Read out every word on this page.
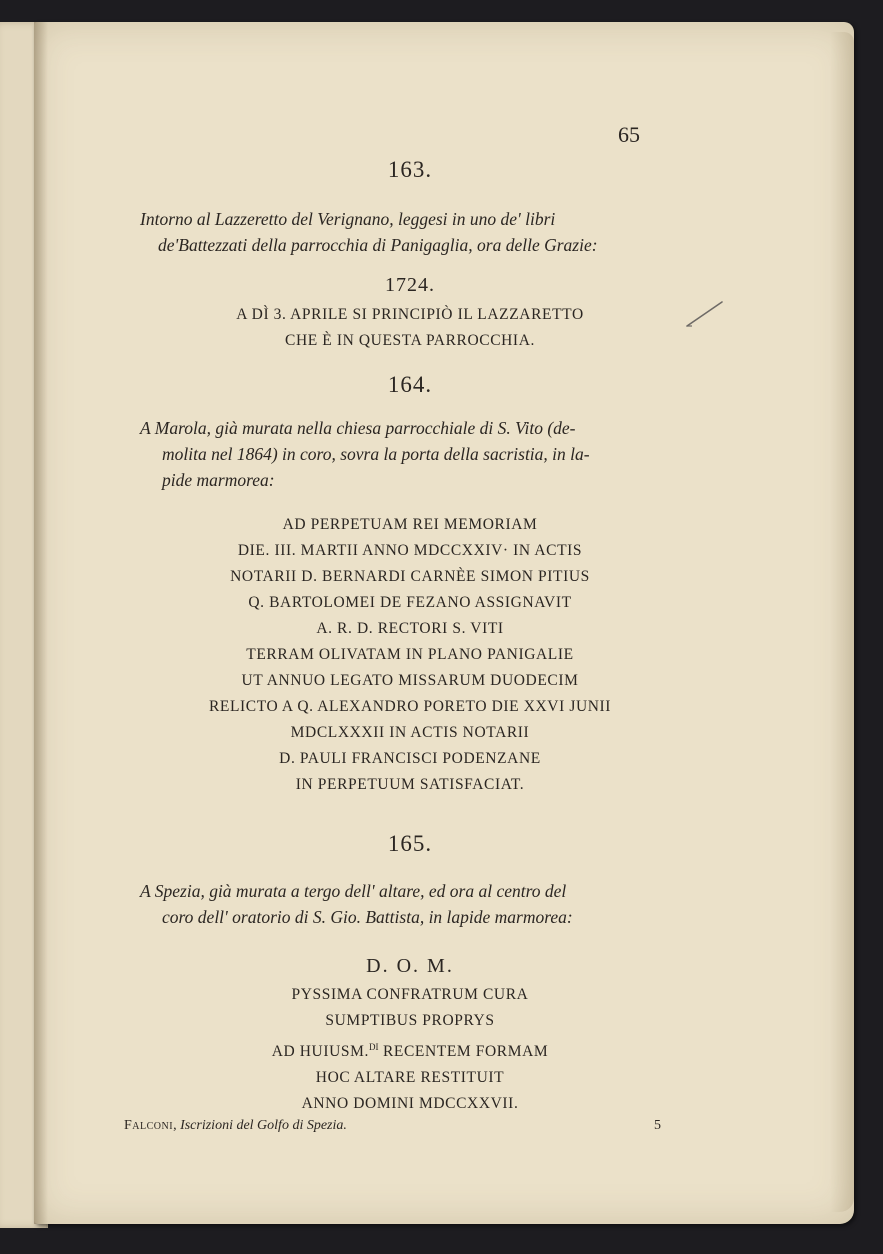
65
163.
Intorno al Lazzeretto del Verignano, leggesi in uno de' libri
de'Battezzati della parrocchia di Panigaglia, ora delle Grazie:
1724.
A DÌ 3. APRILE SI PRINCIPIÒ IL LAZZARETTO
CHE È IN QUESTA PARROCCHIA.
164.
A Marola, già murata nella chiesa parrocchiale di S. Vito (de-
molita nel 1864) in coro, sovra la porta della sacristia, in la-
pide marmorea:
AD PERPETUAM REI MEMORIAM
DIE. III. MARTII ANNO MDCCXXIV· IN ACTIS
NOTARII D. BERNARDI CARNÈE SIMON PITIUS
Q. BARTOLOMEI DE FEZANO ASSIGNAVIT
A. R. D. RECTORI S. VITI
TERRAM OLIVATAM IN PLANO PANIGALIE
UT ANNUO LEGATO MISSARUM DUODECIM
RELICTO A Q. ALEXANDRO PORETO DIE XXVI JUNII
MDCLXXXII IN ACTIS NOTARII
D. PAULI FRANCISCI PODENZANE
IN PERPETUUM SATISFACIAT.
165.
A Spezia, già murata a tergo dell' altare, ed ora al centro del
coro dell' oratorio di S. Gio. Battista, in lapide marmorea:
D. O. M.
PYSSIMA CONFRATRUM CURA
SUMPTIBUS PROPRYS
AD HUIUSM.$^{DI}$ RECENTEM FORMAM
HOC ALTARE RESTITUIT
ANNO DOMINI MDCCXXVII.
Falconi, Iscrizioni del Golfo di Spezia.	5
